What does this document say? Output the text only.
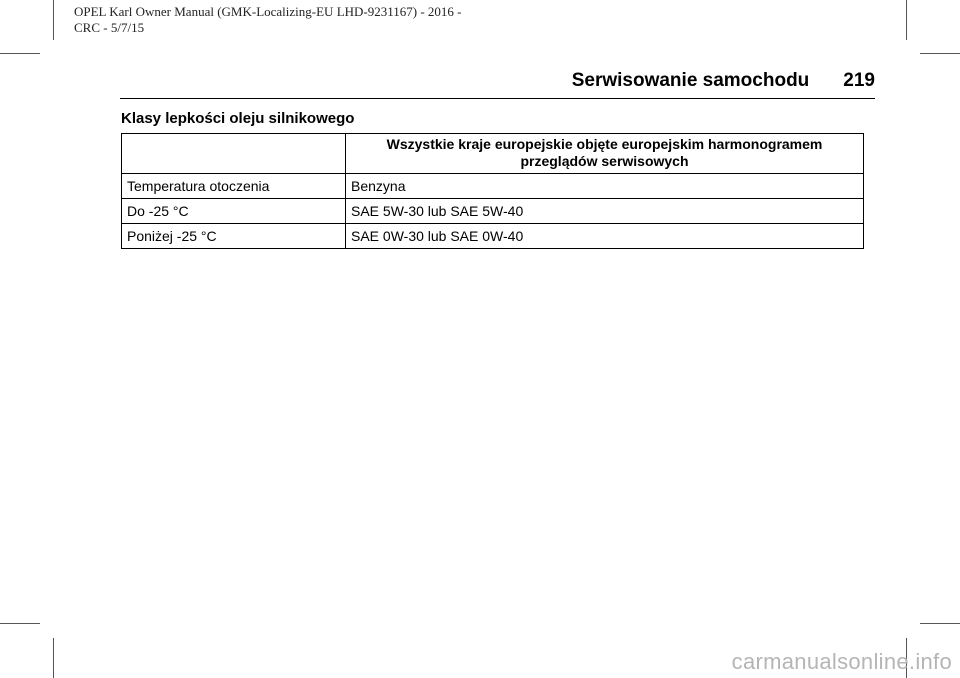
OPEL Karl Owner Manual (GMK-Localizing-EU LHD-9231167) - 2016 -
CRC - 5/7/15
Serwisowanie samochodu 219
Klasy lepkości oleju silnikowego
	Wszystkie kraje europejskie objęte europejskim harmonogramem przeglądów serwisowych
Temperatura otoczenia	Benzyna
Do -25 °C	SAE 5W-30 lub SAE 5W-40
Poniżej -25 °C	SAE 0W-30 lub SAE 0W-40
carmanualsonline.info
